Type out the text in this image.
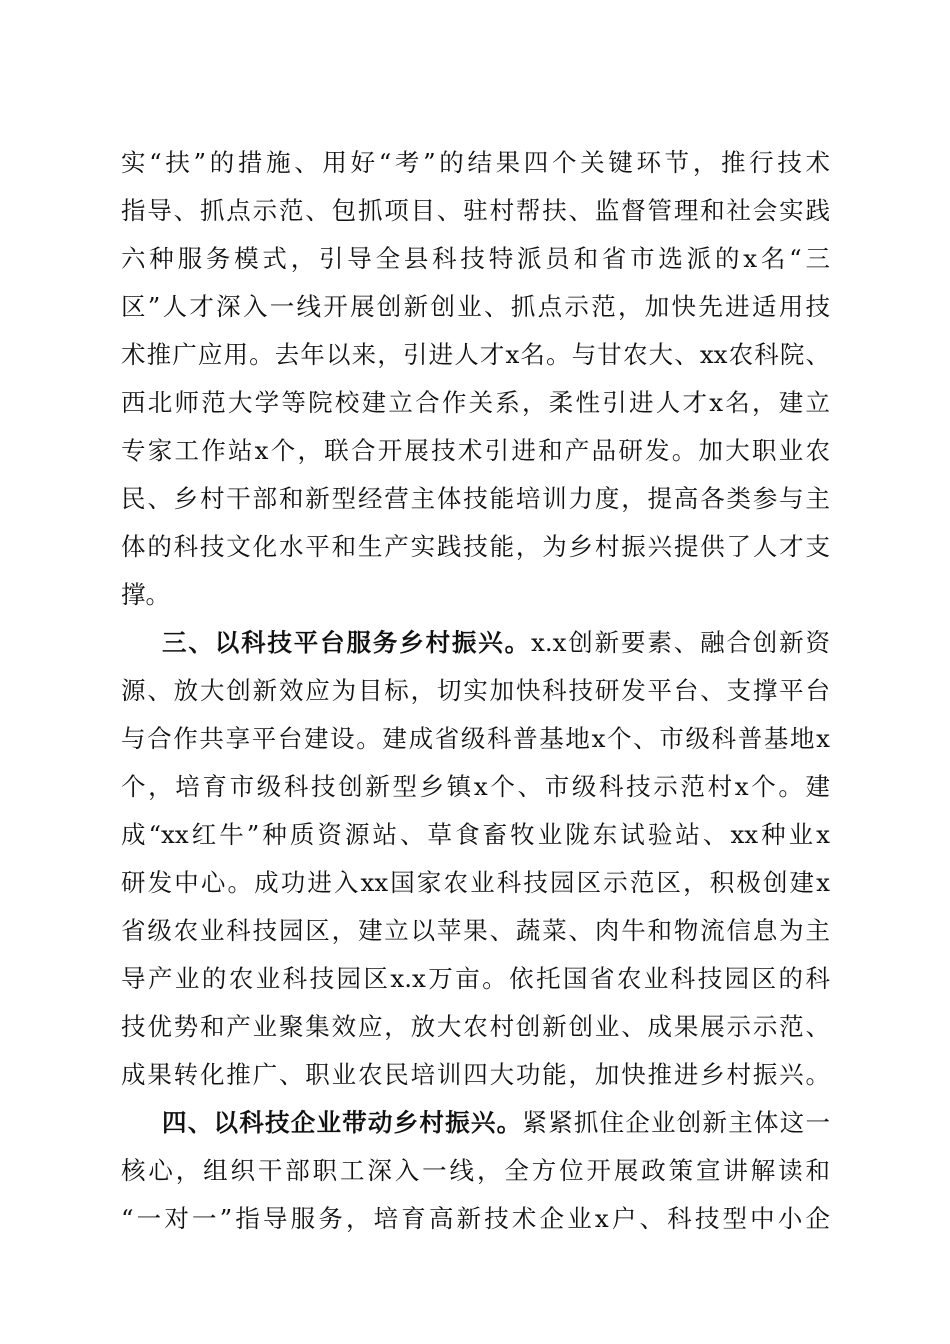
实“扶”的措施、用好“考”的结果四个关键环节，推行技术
指导、抓点示范、包抓项目、驻村帮扶、监督管理和社会实践
六种服务模式，引导全县科技特派员和省市选派的x名“三
区”人才深入一线开展创新创业、抓点示范，加快先进适用技
术推广应用。去年以来，引进人才x名。与甘农大、xx农科院、
西北师范大学等院校建立合作关系，柔性引进人才x名，建立
专家工作站x个，联合开展技术引进和产品研发。加大职业农
民、乡村干部和新型经营主体技能培训力度，提高各类参与主
体的科技文化水平和生产实践技能，为乡村振兴提供了人才支
撑。
三、以科技平台服务乡村振兴。x.x创新要素、融合创新资
源、放大创新效应为目标，切实加快科技研发平台、支撑平台
与合作共享平台建设。建成省级科普基地x个、市级科普基地x
个，培育市级科技创新型乡镇x个、市级科技示范村x个。建
成“xx红牛”种质资源站、草食畜牧业陇东试验站、xx种业x
研发中心。成功进入xx国家农业科技园区示范区，积极创建x
省级农业科技园区，建立以苹果、蔬菜、肉牛和物流信息为主
导产业的农业科技园区x.x万亩。依托国省农业科技园区的科
技优势和产业聚集效应，放大农村创新创业、成果展示示范、
成果转化推广、职业农民培训四大功能，加快推进乡村振兴。
四、以科技企业带动乡村振兴。紧紧抓住企业创新主体这一
核心，组织干部职工深入一线，全方位开展政策宣讲解读和
“一对一”指导服务，培育高新技术企业x户、科技型中小企
